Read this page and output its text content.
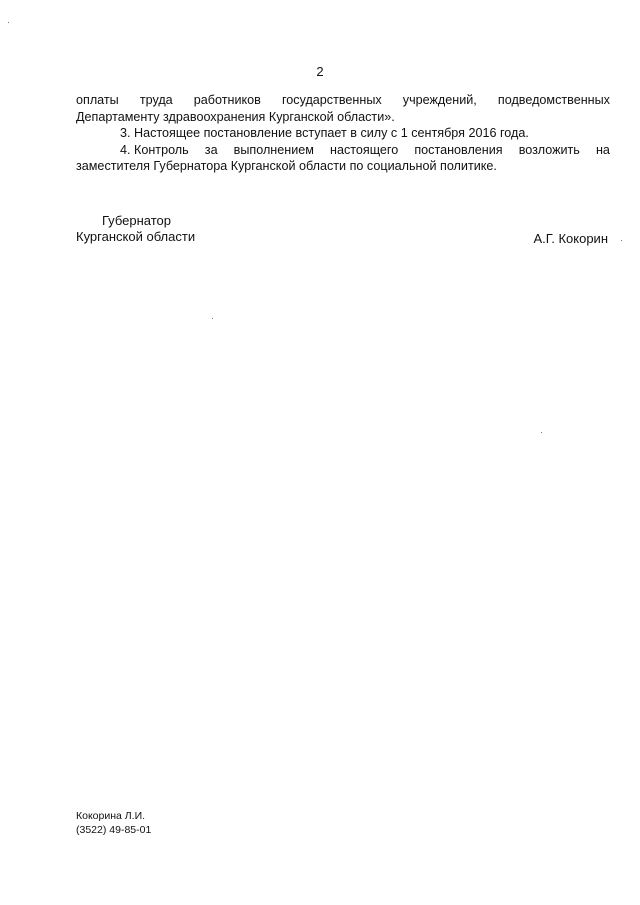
2
оплаты труда работников государственных учреждений, подведомственных
Департаменту здравоохранения Курганской области».
3. Настоящее постановление вступает в силу с 1 сентября 2016 года.
4. Контроль за выполнением настоящего постановления возложить на
заместителя Губернатора Курганской области по социальной политике.
Губернатор
Курганской области	А.Г. Кокорин
Кокорина Л.И.
(3522) 49-85-01
